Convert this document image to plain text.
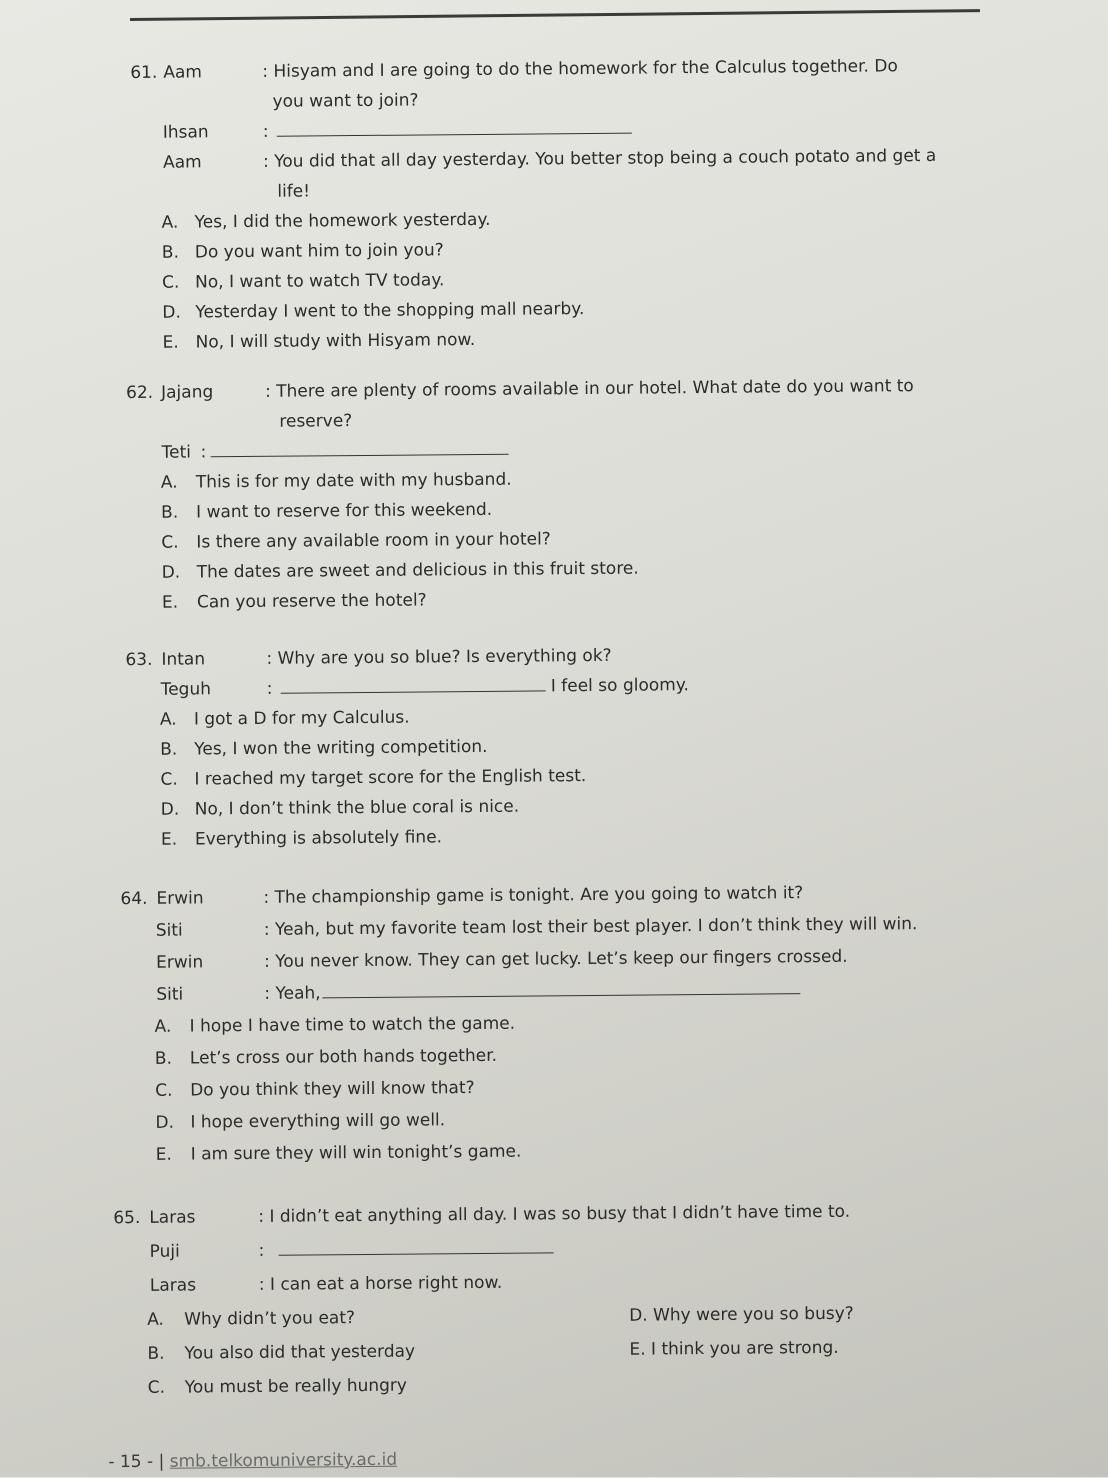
61. Aam	: Hisyam and I are going to do the homework for the Calculus together. Do
you want to join?
Ihsan	:
Aam	: You did that all day yesterday. You better stop being a couch potato and get a
life!
A. Yes, I did the homework yesterday.
B. Do you want him to join you?
C. No, I want to watch TV today.
D. Yesterday I went to the shopping mall nearby.
E. No, I will study with Hisyam now.
62. Jajang	: There are plenty of rooms available in our hotel. What date do you want to
reserve?
Teti :
A. This is for my date with my husband.
B. I want to reserve for this weekend.
C. Is there any available room in your hotel?
D. The dates are sweet and delicious in this fruit store.
E. Can you reserve the hotel?
63. Intan	: Why are you so blue? Is everything ok?
Teguh	:	I feel so gloomy.
A. I got a D for my Calculus.
B. Yes, I won the writing competition.
C. I reached my target score for the English test.
D. No, I don’t think the blue coral is nice.
E. Everything is absolutely fine.
64. Erwin	: The championship game is tonight. Are you going to watch it?
Siti	: Yeah, but my favorite team lost their best player. I don’t think they will win.
Erwin	: You never know. They can get lucky. Let’s keep our fingers crossed.
Siti	: Yeah,
A. I hope I have time to watch the game.
B. Let’s cross our both hands together.
C. Do you think they will know that?
D. I hope everything will go well.
E. I am sure they will win tonight’s game.
65. Laras	: I didn’t eat anything all day. I was so busy that I didn’t have time to.
Puji	:
Laras	: I can eat a horse right now.
A. Why didn’t you eat?	D. Why were you so busy?
B. You also did that yesterday	E. I think you are strong.
C. You must be really hungry
- 15 - | smb.telkomuniversity.ac.id
